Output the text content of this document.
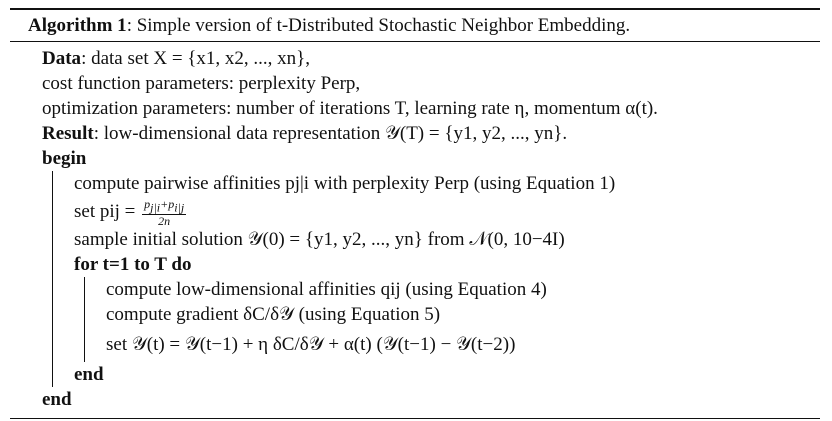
Algorithm 1: Simple version of t-Distributed Stochastic Neighbor Embedding.
Data: data set X = {x1, x2, ..., xn},
cost function parameters: perplexity Perp,
optimization parameters: number of iterations T, learning rate η, momentum α(t).
Result: low-dimensional data representation 𝒴(T) = {y1, y2, ..., yn}.
begin
compute pairwise affinities pj|i with perplexity Perp (using Equation 1)
set pij = $\frac{p_{j|i}+p_{i|j}}{2n}$
sample initial solution 𝒴(0) = {y1, y2, ..., yn} from 𝒩(0, 10−4I)
for t=1 to T do
compute low-dimensional affinities qij (using Equation 4)
compute gradient δC/δ𝒴 (using Equation 5)
set 𝒴(t) = 𝒴(t−1) + η δC/δ𝒴 + α(t) (𝒴(t−1) − 𝒴(t−2))
end
end
